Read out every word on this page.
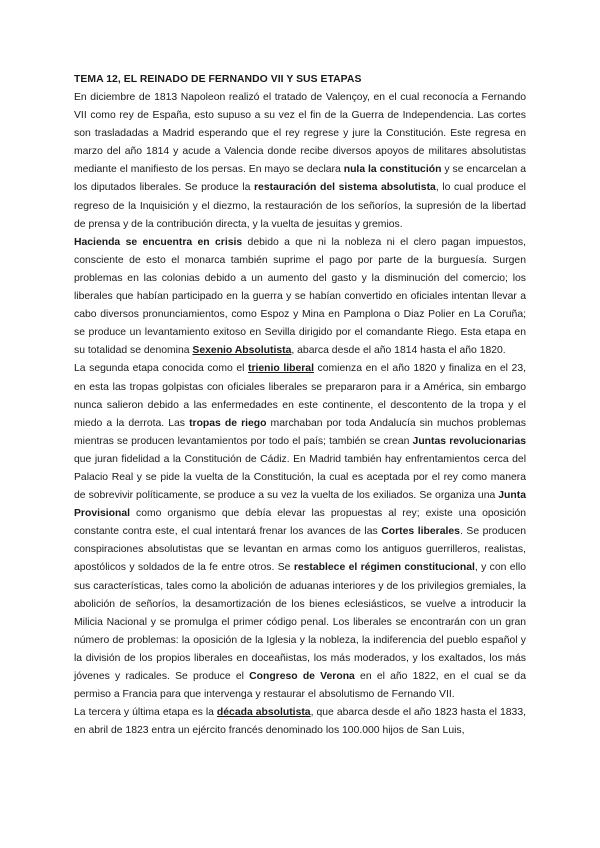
TEMA 12, EL REINADO DE FERNANDO VII Y SUS ETAPAS

En diciembre de 1813 Napoleon realizó el tratado de Valençoy, en el cual reconocía a Fernando VII como rey de España, esto supuso a su vez el fin de la Guerra de Independencia. Las cortes son trasladadas a Madrid esperando que el rey regrese y jure la Constitución. Este regresa en marzo del año 1814 y acude a Valencia donde recibe diversos apoyos de militares absolutistas mediante el manifiesto de los persas. En mayo se declara nula la constitución y se encarcelan a los diputados liberales. Se produce la restauración del sistema absolutista, lo cual produce el regreso de la Inquisición y el diezmo, la restauración de los señoríos, la supresión de la libertad de prensa y de la contribución directa, y la vuelta de jesuitas y gremios.

Hacienda se encuentra en crisis debido a que ni la nobleza ni el clero pagan impuestos, consciente de esto el monarca también suprime el pago por parte de la burguesía. Surgen problemas en las colonias debido a un aumento del gasto y la disminución del comercio; los liberales que habían participado en la guerra y se habían convertido en oficiales intentan llevar a cabo diversos pronunciamientos, como Espoz y Mina en Pamplona o Diaz Polier en La Coruña; se produce un levantamiento exitoso en Sevilla dirigido por el comandante Riego. Esta etapa en su totalidad se denomina Sexenio Absolutista, abarca desde el año 1814 hasta el año 1820.

La segunda etapa conocida como el trienio liberal comienza en el año 1820 y finaliza en el 23, en esta las tropas golpistas con oficiales liberales se prepararon para ir a América, sin embargo nunca salieron debido a las enfermedades en este continente, el descontento de la tropa y el miedo a la derrota. Las tropas de riego marchaban por toda Andalucía sin muchos problemas mientras se producen levantamientos por todo el país; también se crean Juntas revolucionarias que juran fidelidad a la Constitución de Cádiz. En Madrid también hay enfrentamientos cerca del Palacio Real y se pide la vuelta de la Constitución, la cual es aceptada por el rey como manera de sobrevivir políticamente, se produce a su vez la vuelta de los exiliados. Se organiza una Junta Provisional como organismo que debía elevar las propuestas al rey; existe una oposición constante contra este, el cual intentará frenar los avances de las Cortes liberales. Se producen conspiraciones absolutistas que se levantan en armas como los antiguos guerrilleros, realistas, apostólicos y soldados de la fe entre otros. Se restablece el régimen constitucional, y con ello sus características, tales como la abolición de aduanas interiores y de los privilegios gremiales, la abolición de señoríos, la desamortización de los bienes eclesiásticos, se vuelve a introducir la Milicia Nacional y se promulga el primer código penal. Los liberales se encontrarán con un gran número de problemas: la oposición de la Iglesia y la nobleza, la indiferencia del pueblo español y la división de los propios liberales en doceañistas, los más moderados, y los exaltados, los más jóvenes y radicales. Se produce el Congreso de Verona en el año 1822, en el cual se da permiso a Francia para que intervenga y restaurar el absolutismo de Fernando VII.

La tercera y última etapa es la década absolutista, que abarca desde el año 1823 hasta el 1833, en abril de 1823 entra un ejército francés denominado los 100.000 hijos de San Luis,
